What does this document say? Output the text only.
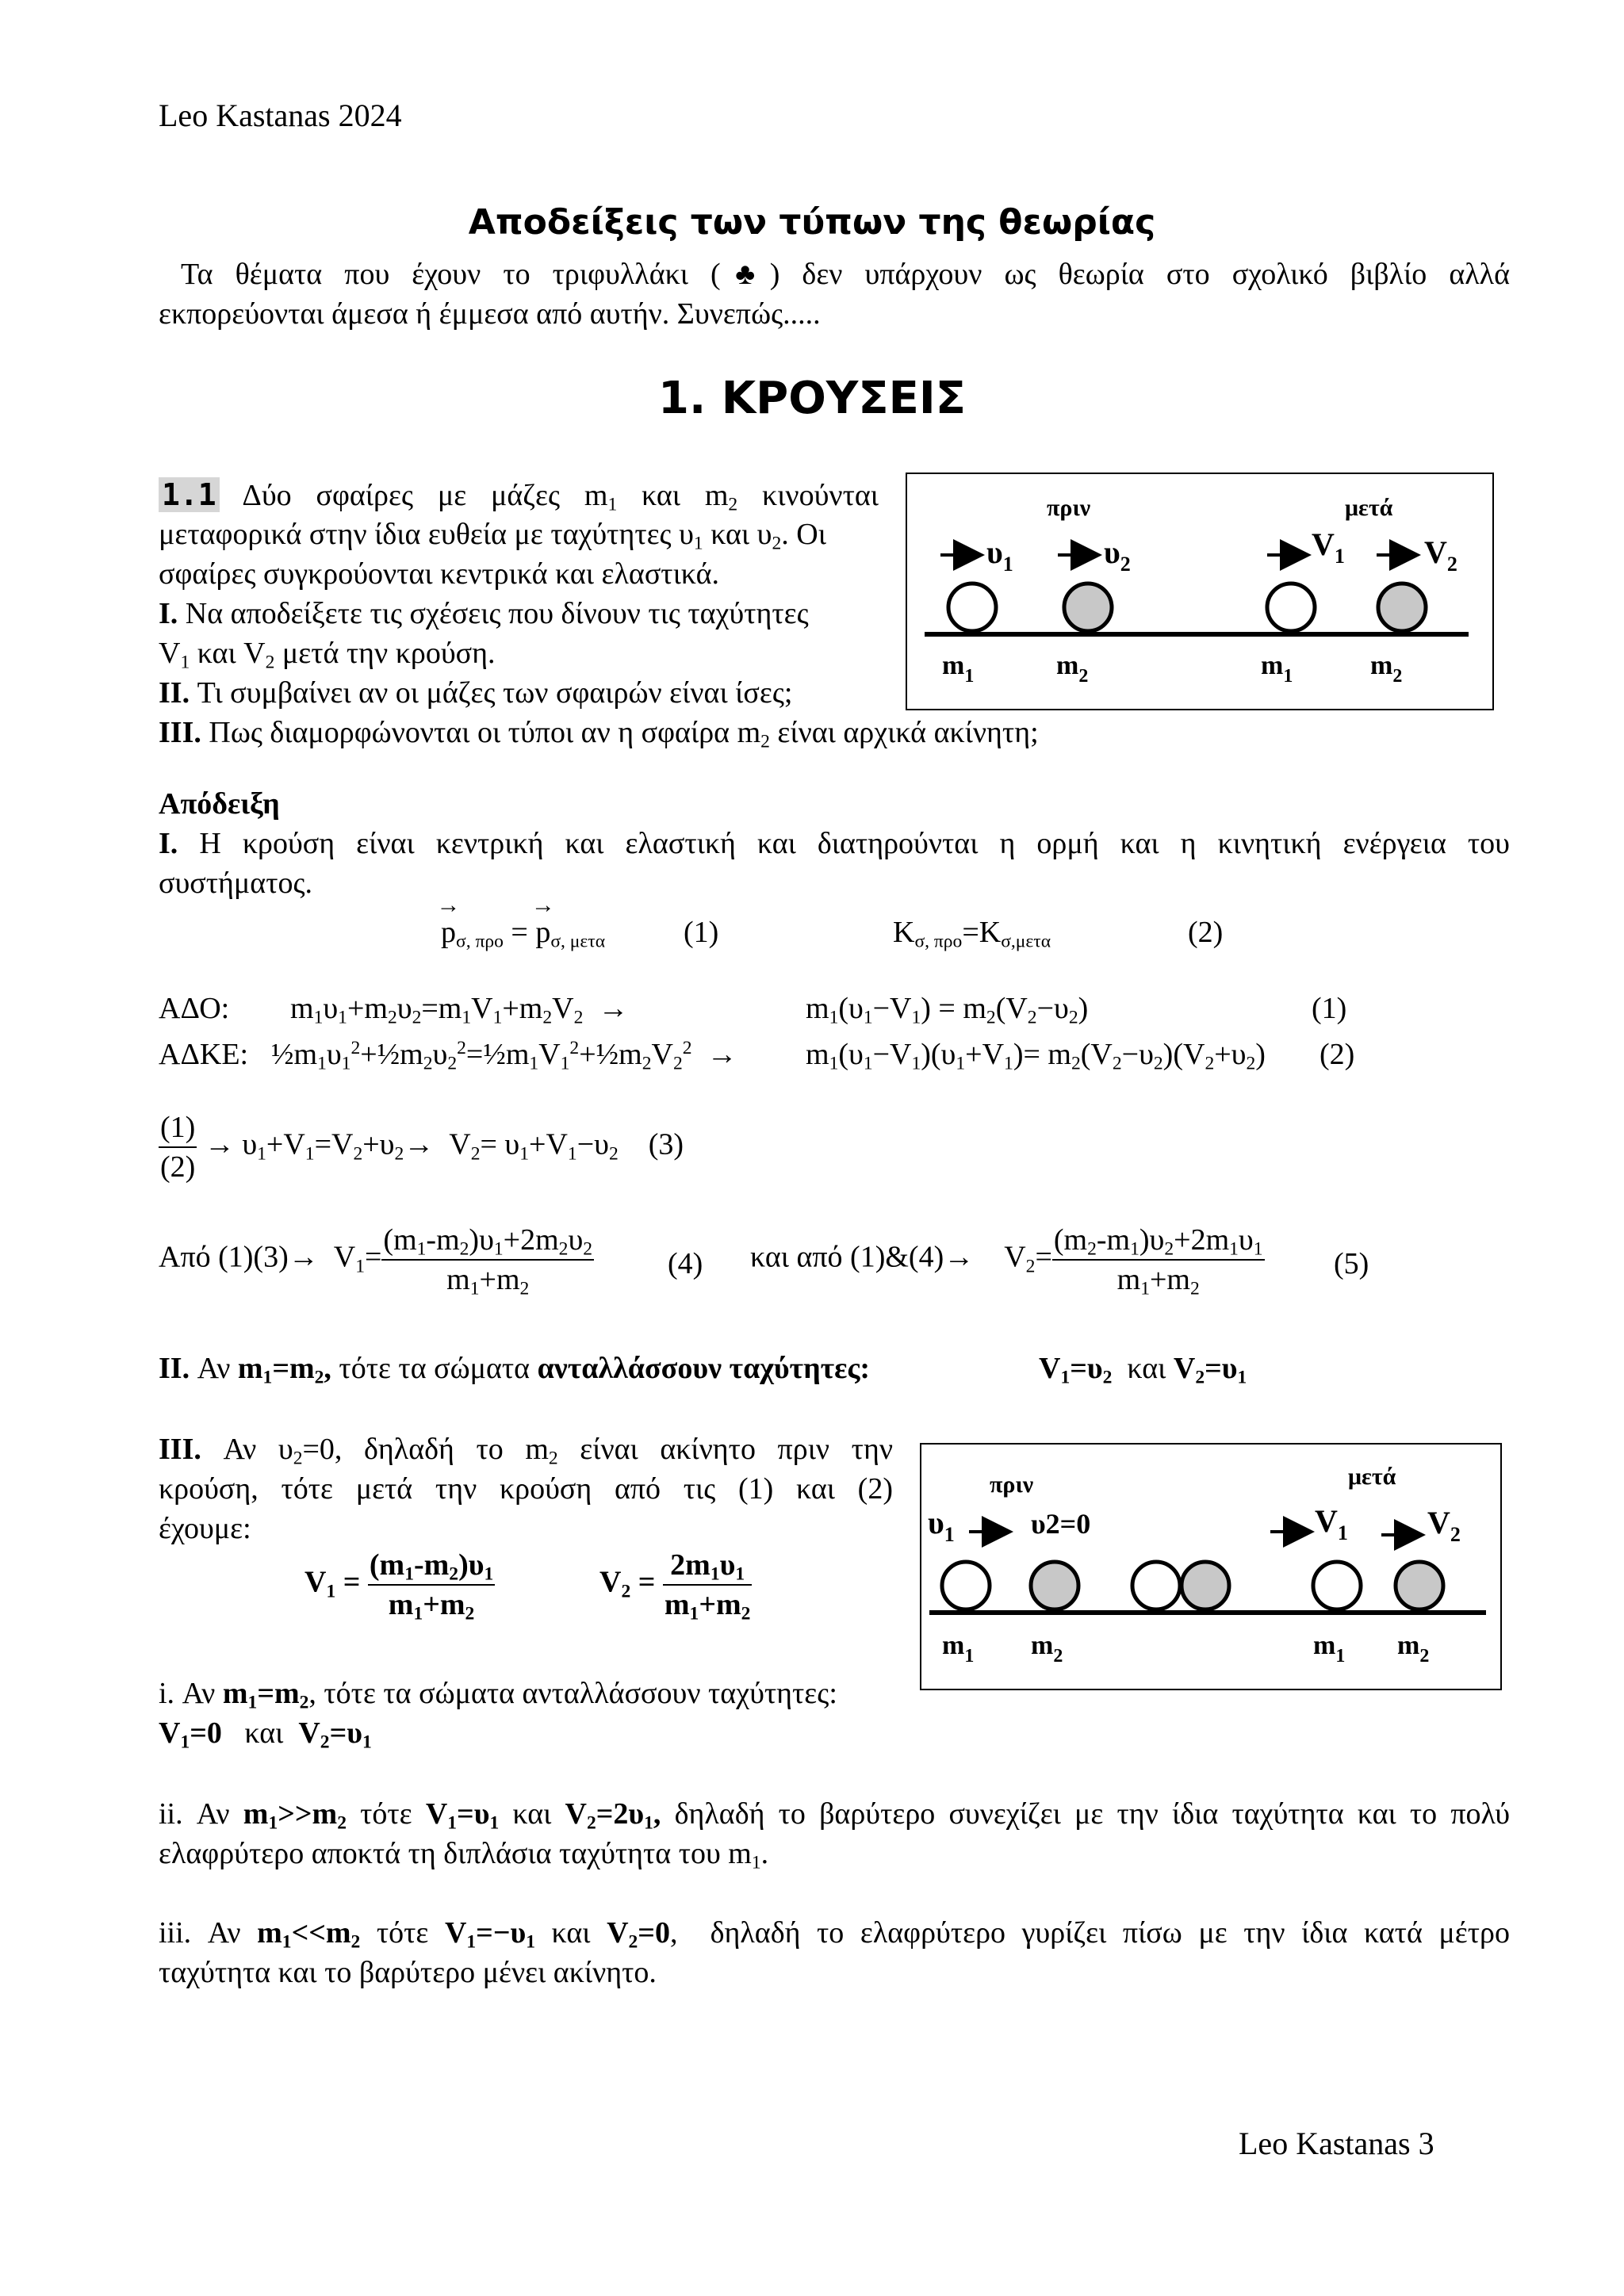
Leo Kastanas 2024
Αποδείξεις των τύπων της θεωρίας
Τα θέματα που έχουν το τριφυλλάκι (♣) δεν υπάρχουν ως θεωρία στο σχολικό βιβλίο αλλά
εκπορεύονται άμεσα ή έμμεσα από αυτήν. Συνεπώς.....
1. ΚΡΟΥΣΕΙΣ
1.1 Δύο σφαίρες με μάζες $m_1$ και $m_2$ κινούνται
μεταφορικά στην ίδια ευθεία με ταχύτητες $\upsilon_1$ και $\upsilon_2$. Οι
σφαίρες συγκρούονται κεντρικά και ελαστικά.
I. Να αποδείξετε τις σχέσεις που δίνουν τις ταχύτητες
$V_1$ και $V_2$ μετά την κρούση.
II. Τι συμβαίνει αν οι μάζες των σφαιρών είναι ίσες;
III. Πως διαμορφώνονται οι τύποι αν η σφαίρα $m_2$ είναι αρχικά ακίνητη;
πριν	μετά
$\upsilon_1$	$\upsilon_2$
$V_1$	$V_2$
$m_1$	$m_2$	$m_1$	$m_2$
Απόδειξη
I. Η κρούση είναι κεντρική και ελαστική και διατηρούνται η ορμή και η κινητική ενέργεια του
συστήματος.
→
$p_{\sigma, \pi\rho o}$ =
→
$p_{\sigma, \mu\varepsilon\tau\alpha}$	(1)	$K_{\sigma, \pi\rho o}=K_{\sigma,\mu\varepsilon\tau\alpha}$	(2)
ΑΔΟ: $m_1\upsilon_1+m_2\upsilon_2=m_1V_1+m_2V_2$  →	$m_1(\upsilon_1-V_1) = m_2(V_2-\upsilon_2)$	(1)
ΑΔΚΕ: $\frac{1}{2}m_1\upsilon_1^2+\frac{1}{2}m_2\upsilon_2^2=\frac{1}{2}m_1V_1^2+\frac{1}{2}m_2V_2^2 \to m_1(\upsilon_1-V_1)(\upsilon_1+V_1)= m_2(V_2-\upsilon_2)(V_2+\upsilon_2)$ (2)
$\frac{(1)}{(2)} \to \upsilon_1+V_1=V_2+\upsilon_2\to V_2= \upsilon_1+V_1-\upsilon_2$ (3)
Από $(1)(3)\to V_1= \frac{(m_1-m_2)\upsilon_1+2m_2\upsilon_2}{m_1+m_2} (4)$ και από (1)&(4)→    $V_2= \frac{(m_2-m_1)\upsilon_2+2m_1\upsilon_1}{m_1+m_2} (5)$
II. Αν $m_1=m_2$, τότε τα σώματα ανταλλάσσουν ταχύτητες:	$V_1=\upsilon_2$ και $V_2=\upsilon_1$
III. Αν $\upsilon_2=0$, δηλαδή το $m_2$ είναι ακίνητο πριν την
κρούση, τότε μετά την κρούση από τις (1) και (2)
έχουμε:
$V_1 = \frac{(m_1-m_2)\upsilon_1}{m_1+m_2}$	$V_2 = \frac{2m_1\upsilon_1}{m_1+m_2}$
πριν	μετά
$\upsilon_1$	υ2=0	$V_1$	$V_2$
$m_1$ $m_2$	$m_1$ $m_2$
i. Αν $m_1=m_2$, τότε τα σώματα ανταλλάσσουν ταχύτητες:
$V_1=0$ και $V_2=\upsilon_1$
ii. Αν $m_1>>m_2$ τότε $V_1=\upsilon_1$ και $V_2=2\upsilon_1$, δηλαδή το βαρύτερο συνεχίζει με την ίδια ταχύτητα και το πολύ
ελαφρύτερο αποκτά τη διπλάσια ταχύτητα του $m_1$.
iii. Αν $m_1<<m_2$ τότε $V_1=-\upsilon_1$ και $V_2=0$,  δηλαδή το ελαφρύτερο γυρίζει πίσω με την ίδια κατά μέτρο
ταχύτητα και το βαρύτερο μένει ακίνητο.
Leo Kastanas 3
